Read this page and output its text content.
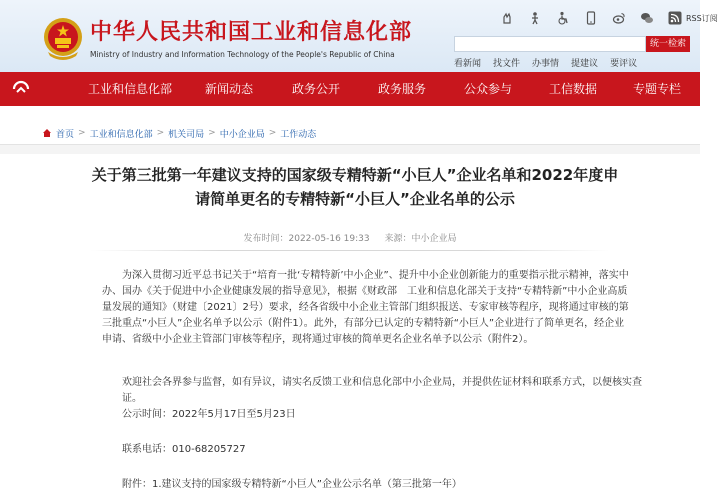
中华人民共和国工业和信息化部
Ministry of Industry and Information Technology of the People's Republic of China
RSS订阅
统一检索
看新闻 找文件 办事情 提建议 要评议
工业和信息化部	新闻动态	政务公开	政务服务	公众参与	工信数据	专题专栏
首页 > 工业和信息化部 > 机关司局 > 中小企业局 > 工作动态
关于第三批第一年建议支持的国家级专精特新“小巨人”企业名单和2022年度申请简单更名的专精特新“小巨人”企业名单的公示
发布时间：2022-05-16 19:33 来源：中小企业局
为深入贯彻习近平总书记关于“培育一批‘专精特新’中小企业”、提升中小企业创新能力的重要指示批示精神，落实中办、国办《关于促进中小企业健康发展的指导意见》，根据《财政部　工业和信息化部关于支持“专精特新”中小企业高质量发展的通知》（财建〔2021〕2号）要求，经各省级中小企业主管部门组织报送、专家审核等程序，现将通过审核的第三批重点“小巨人”企业名单予以公示（附件1）。此外，有部分已认定的专精特新“小巨人”企业进行了简单更名，经企业申请、省级中小企业主管部门审核等程序，现将通过审核的简单更名企业名单予以公示（附件2）。
欢迎社会各界参与监督，如有异议，请实名反馈工业和信息化部中小企业局，并提供佐证材料和联系方式，以便核实查证。
公示时间：2022年5月17日至5月23日
联系电话：010-68205727
附件：1.建议支持的国家级专精特新“小巨人”企业公示名单（第三批第一年）
